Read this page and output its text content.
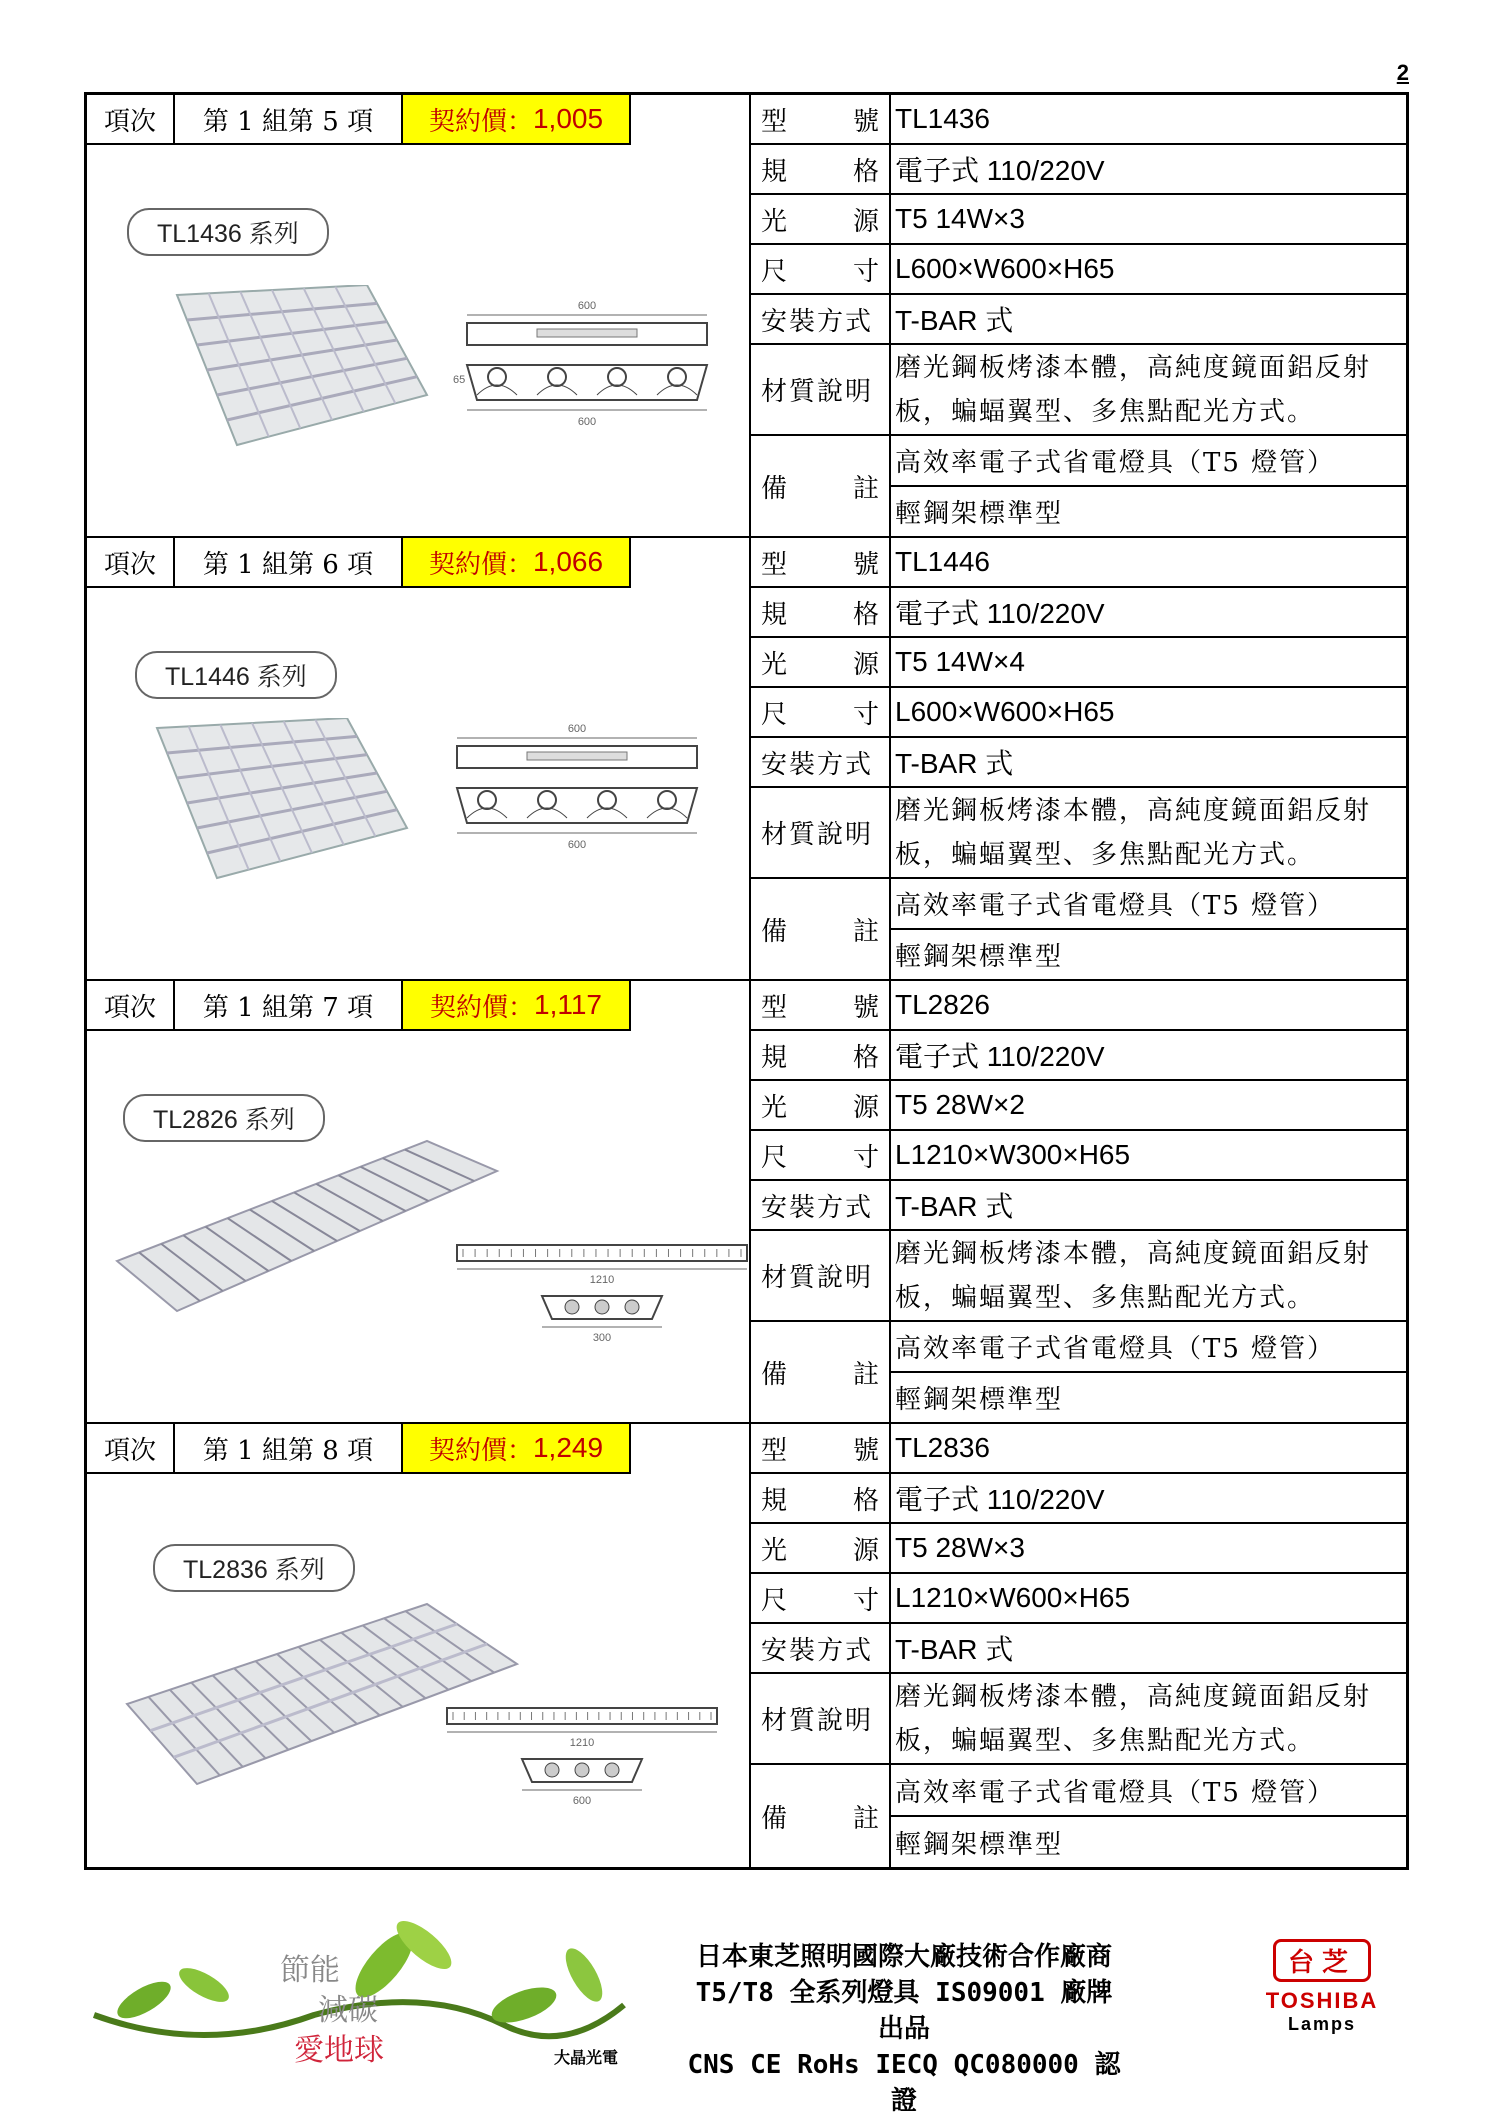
2
項次	第 1 組第 5 項	契約價： 1,005
TL1436 系列
600
65
600
型	號 TL1436
規	格 電子式 110/220V
光	源 T5 14W×3
尺	寸 L600×W600×H65
安裝方式 T-BAR 式
材質說明
磨光鋼板烤漆本體，高純度鏡面鋁反射
板，蝙蝠翼型、多焦點配光方式。
備	註
高效率電子式省電燈具（T5 燈管）
輕鋼架標準型
項次	第 1 組第 6 項	契約價： 1,066
TL1446 系列
600
600
型	號 TL1446
規	格 電子式 110/220V
光	源 T5 14W×4
尺	寸 L600×W600×H65
安裝方式 T-BAR 式
材質說明
磨光鋼板烤漆本體，高純度鏡面鋁反射
板，蝙蝠翼型、多焦點配光方式。
備	註
高效率電子式省電燈具（T5 燈管）
輕鋼架標準型
項次	第 1 組第 7 項	契約價： 1,117
TL2826 系列
1210
300
型	號 TL2826
規	格 電子式 110/220V
光	源 T5 28W×2
尺	寸 L1210×W300×H65
安裝方式 T-BAR 式
材質說明
磨光鋼板烤漆本體，高純度鏡面鋁反射
板，蝙蝠翼型、多焦點配光方式。
備	註
高效率電子式省電燈具（T5 燈管）
輕鋼架標準型
項次	第 1 組第 8 項	契約價： 1,249
TL2836 系列
1210
600
型	號 TL2836
規	格 電子式 110/220V
光	源 T5 28W×3
尺	寸 L1210×W600×H65
安裝方式 T-BAR 式
材質說明
磨光鋼板烤漆本體，高純度鏡面鋁反射
板，蝙蝠翼型、多焦點配光方式。
備	註
高效率電子式省電燈具（T5 燈管）
輕鋼架標準型
節能
減碳
愛地球	大晶光電
日本東芝照明國際大廠技術合作廠商
T5/T8 全系列燈具 IS09001 廠牌出品
CNS CE RoHs IECQ QC080000 認證
台芝
TOSHIBA
Lamps
